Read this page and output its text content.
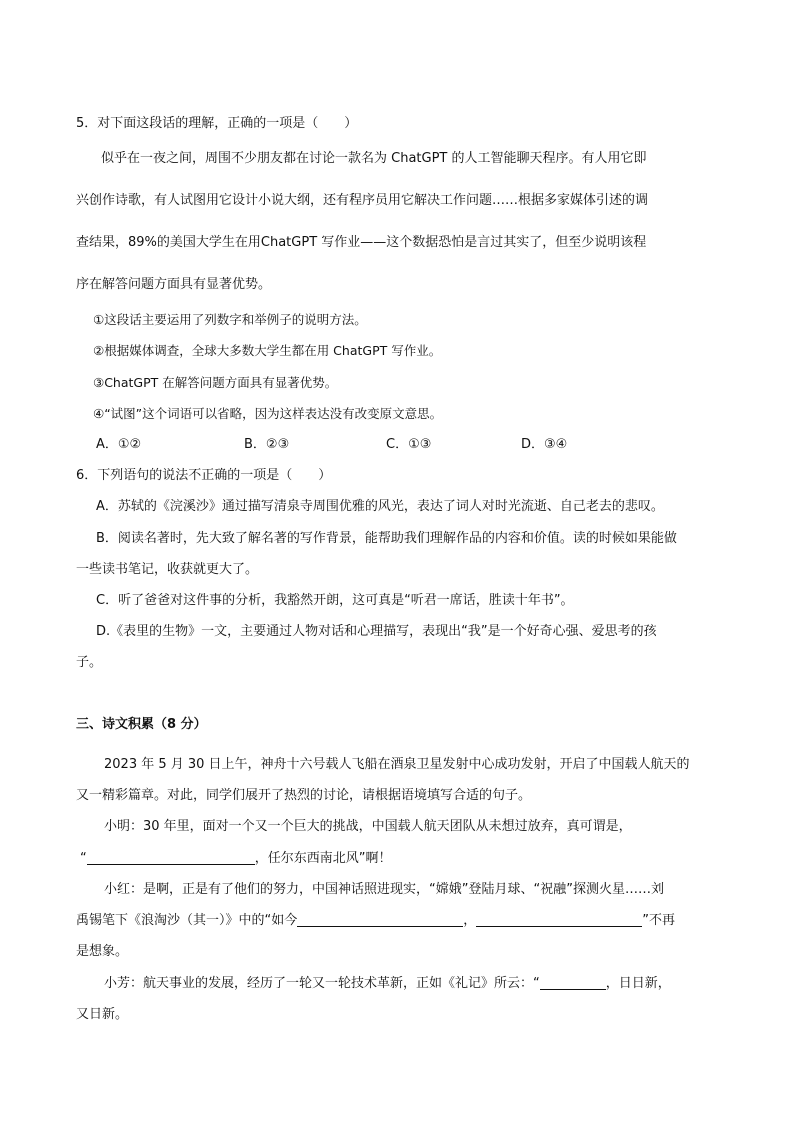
5．对下面这段话的理解，正确的一项是（　　）
似乎在一夜之间，周围不少朋友都在讨论一款名为 ChatGPT 的人工智能聊天程序。有人用它即
兴创作诗歌，有人试图用它设计小说大纲，还有程序员用它解决工作问题……根据多家媒体引述的调
查结果，89%的美国大学生在用ChatGPT 写作业——这个数据恐怕是言过其实了，但至少说明该程
序在解答问题方面具有显著优势。
①这段话主要运用了列数字和举例子的说明方法。
②根据媒体调查，全球大多数大学生都在用 ChatGPT 写作业。
③ChatGPT 在解答问题方面具有显著优势。
④“试图”这个词语可以省略，因为这样表达没有改变原文意思。
A．①②	B．②③	C．①③	D．③④
6．下列语句的说法不正确的一项是（　　）
A．苏轼的《浣溪沙》通过描写清泉寺周围优雅的风光，表达了词人对时光流逝、自己老去的悲叹。
B．阅读名著时，先大致了解名著的写作背景，能帮助我们理解作品的内容和价值。读的时候如果能做
一些读书笔记，收获就更大了。
C．听了爸爸对这件事的分析，我豁然开朗，这可真是“听君一席话，胜读十年书”。
D.《表里的生物》一文，主要通过人物对话和心理描写，表现出“我”是一个好奇心强、爱思考的孩
子。
三、诗文积累（8 分）
2023 年 5 月 30 日上午，神舟十六号载人飞船在酒泉卫星发射中心成功发射，开启了中国载人航天的
又一精彩篇章。对此，同学们展开了热烈的讨论，请根据语境填写合适的句子。
小明：30 年里，面对一个又一个巨大的挑战，中国载人航天团队从未想过放弃，真可谓是，
“	，任尔东西南北风”啊！
小红：是啊，正是有了他们的努力，中国神话照进现实，“嫦娥”登陆月球、“祝融”探测火星……刘
禹锡笔下《浪淘沙（其一）》中的“如今	，	”不再
是想象。
小芳：航天事业的发展，经历了一轮又一轮技术革新，正如《礼记》所云：“	，日日新，
又日新。
